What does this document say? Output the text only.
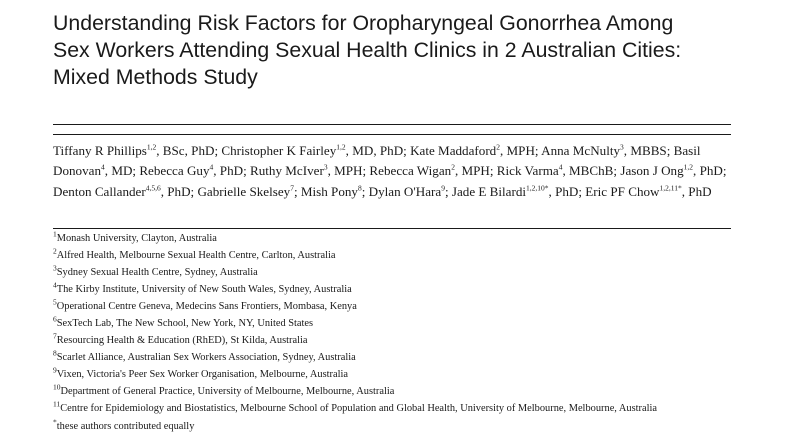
Understanding Risk Factors for Oropharyngeal Gonorrhea Among
Sex Workers Attending Sexual Health Clinics in 2 Australian Cities:
Mixed Methods Study

Tiffany R Phillips$^{1,2}$, BSc, PhD; Christopher K Fairley$^{1,2}$, MD, PhD; Kate Maddaford$^2$, MPH; Anna McNulty$^3$, MBBS; Basil Donovan$^4$, MD; Rebecca Guy$^4$, PhD; Ruthy McIver$^3$, MPH; Rebecca Wigan$^2$, MPH; Rick Varma$^4$, MBChB; Jason J Ong$^{1,2}$, PhD; Denton Callander$^{4,5,6}$, PhD; Gabrielle Skelsey$^7$; Mish Pony$^8$; Dylan O'Hara$^9$; Jade E Bilardi$^{1,2,10*}$, PhD; Eric PF Chow$^{1,2,11*}$, PhD

$^1$Monash University, Clayton, Australia
$^2$Alfred Health, Melbourne Sexual Health Centre, Carlton, Australia
$^3$Sydney Sexual Health Centre, Sydney, Australia
$^4$The Kirby Institute, University of New South Wales, Sydney, Australia
$^5$Operational Centre Geneva, Medecins Sans Frontiers, Mombasa, Kenya
$^6$SexTech Lab, The New School, New York, NY, United States
$^7$Resourcing Health & Education (RhED), St Kilda, Australia
$^8$Scarlet Alliance, Australian Sex Workers Association, Sydney, Australia
$^9$Vixen, Victoria's Peer Sex Worker Organisation, Melbourne, Australia
$^{10}$Department of General Practice, University of Melbourne, Melbourne, Australia
$^{11}$Centre for Epidemiology and Biostatistics, Melbourne School of Population and Global Health, University of Melbourne, Melbourne, Australia
*these authors contributed equally
